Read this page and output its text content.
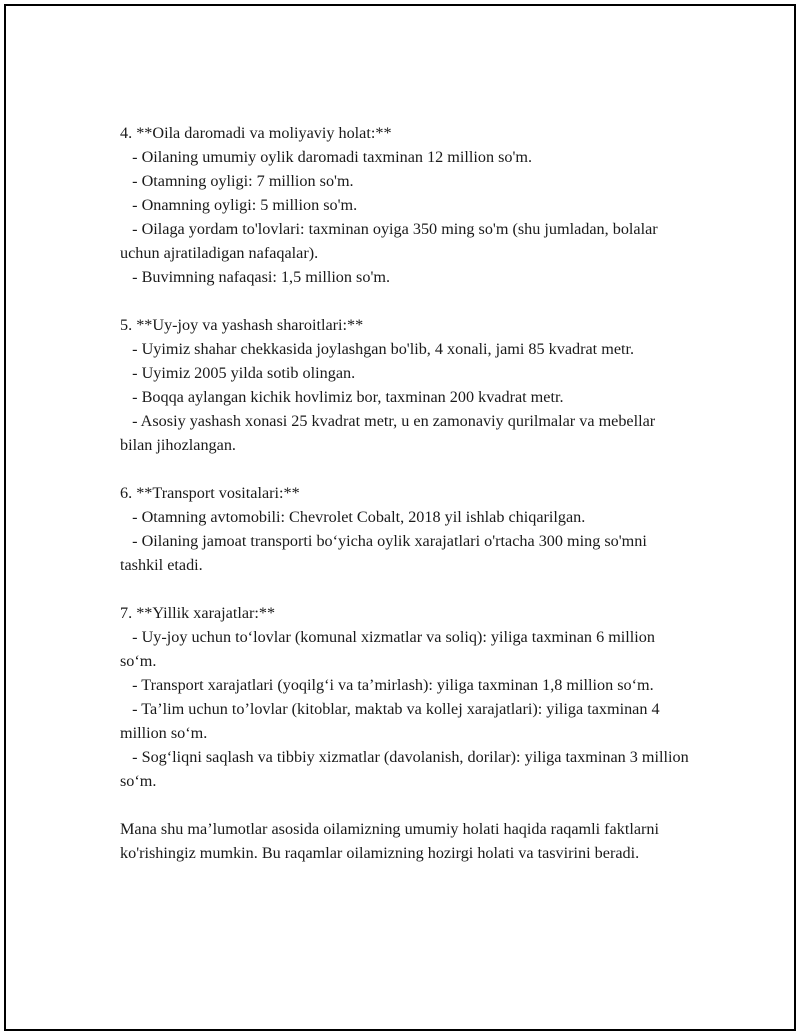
4. **Oila daromadi va moliyaviy holat:**
- Oilaning umumiy oylik daromadi taxminan 12 million so'm.
- Otamning oyligi: 7 million so'm.
- Onamning oyligi: 5 million so'm.
- Oilaga yordam to'lovlari: taxminan oyiga 350 ming so'm (shu jumladan, bolalar uchun ajratiladigan nafaqalar).
- Buvimning nafaqasi: 1,5 million so'm.
5. **Uy-joy va yashash sharoitlari:**
- Uyimiz shahar chekkasida joylashgan bo'lib, 4 xonali, jami 85 kvadrat metr.
- Uyimiz 2005 yilda sotib olingan.
- Boqqa aylangan kichik hovlimiz bor, taxminan 200 kvadrat metr.
- Asosiy yashash xonasi 25 kvadrat metr, u en zamonaviy qurilmalar va mebellar bilan jihozlangan.
6. **Transport vositalari:**
- Otamning avtomobili: Chevrolet Cobalt, 2018 yil ishlab chiqarilgan.
- Oilaning jamoat transporti bo‘yicha oylik xarajatlari o'rtacha 300 ming so'mni tashkil etadi.
7. **Yillik xarajatlar:**
- Uy-joy uchun to‘lovlar (komunal xizmatlar va soliq): yiliga taxminan 6 million so‘m.
- Transport xarajatlari (yoqilg‘i va ta’mirlash): yiliga taxminan 1,8 million so‘m.
- Ta’lim uchun to’lovlar (kitoblar, maktab va kollej xarajatlari): yiliga taxminan 4 million so‘m.
- Sog‘liqni saqlash va tibbiy xizmatlar (davolanish, dorilar): yiliga taxminan 3 million so‘m.
Mana shu ma’lumotlar asosida oilamizning umumiy holati haqida raqamli faktlarni ko'rishingiz mumkin. Bu raqamlar oilamizning hozirgi holati va tasvirini beradi.
